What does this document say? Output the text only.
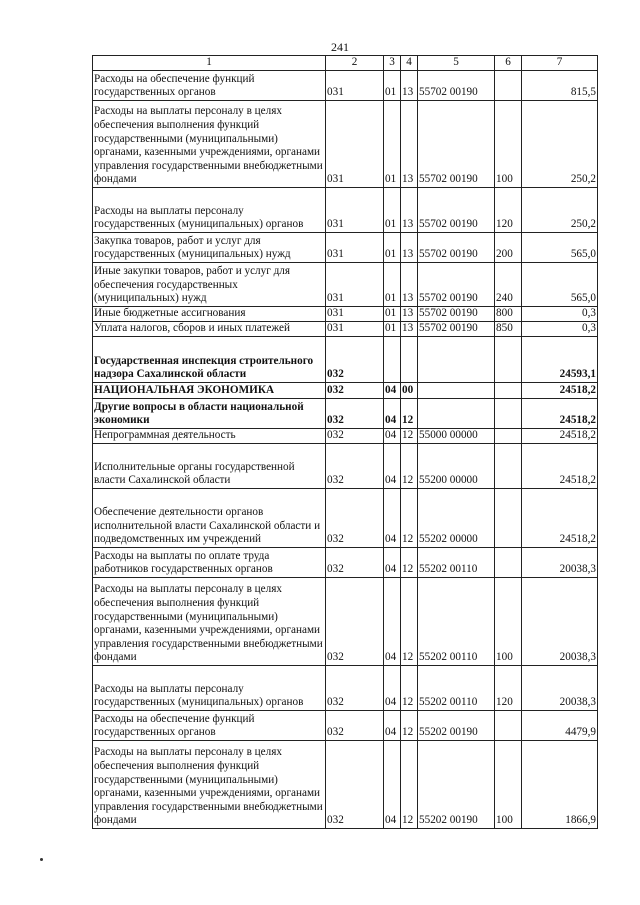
241
1	2	3	4	5	6	7
Расходы на обеспечение функций государственных органов	031	01	13	55702 00190		815,5
Расходы на выплаты персоналу в целях обеспечения выполнения функций государственными (муниципальными) органами, казенными учреждениями, органами управления государственными внебюджетными фондами	031	01	13	55702 00190	100	250,2
Расходы на выплаты персоналу государственных (муниципальных) органов	031	01	13	55702 00190	120	250,2
Закупка товаров, работ и услуг для государственных (муниципальных) нужд	031	01	13	55702 00190	200	565,0
Иные закупки товаров, работ и услуг для обеспечения государственных (муниципальных) нужд	031	01	13	55702 00190	240	565,0
Иные бюджетные ассигнования	031	01	13	55702 00190	800	0,3
Уплата налогов, сборов и иных платежей	031	01	13	55702 00190	850	0,3
Государственная инспекция строительного надзора Сахалинской области	032					24593,1
НАЦИОНАЛЬНАЯ ЭКОНОМИКА	032	04	00			24518,2
Другие вопросы в области национальной экономики	032	04	12			24518,2
Непрограммная деятельность	032	04	12	55000 00000		24518,2
Исполнительные органы государственной власти Сахалинской области	032	04	12	55200 00000		24518,2
Обеспечение деятельности органов исполнительной власти Сахалинской области и подведомственных им учреждений	032	04	12	55202 00000		24518,2
Расходы на выплаты по оплате труда работников государственных органов	032	04	12	55202 00110		20038,3
Расходы на выплаты персоналу в целях обеспечения выполнения функций государственными (муниципальными) органами, казенными учреждениями, органами управления государственными внебюджетными фондами	032	04	12	55202 00110	100	20038,3
Расходы на выплаты персоналу государственных (муниципальных) органов	032	04	12	55202 00110	120	20038,3
Расходы на обеспечение функций государственных органов	032	04	12	55202 00190		4479,9
Расходы на выплаты персоналу в целях обеспечения выполнения функций государственными (муниципальными) органами, казенными учреждениями, органами управления государственными внебюджетными фондами	032	04	12	55202 00190	100	1866,9
